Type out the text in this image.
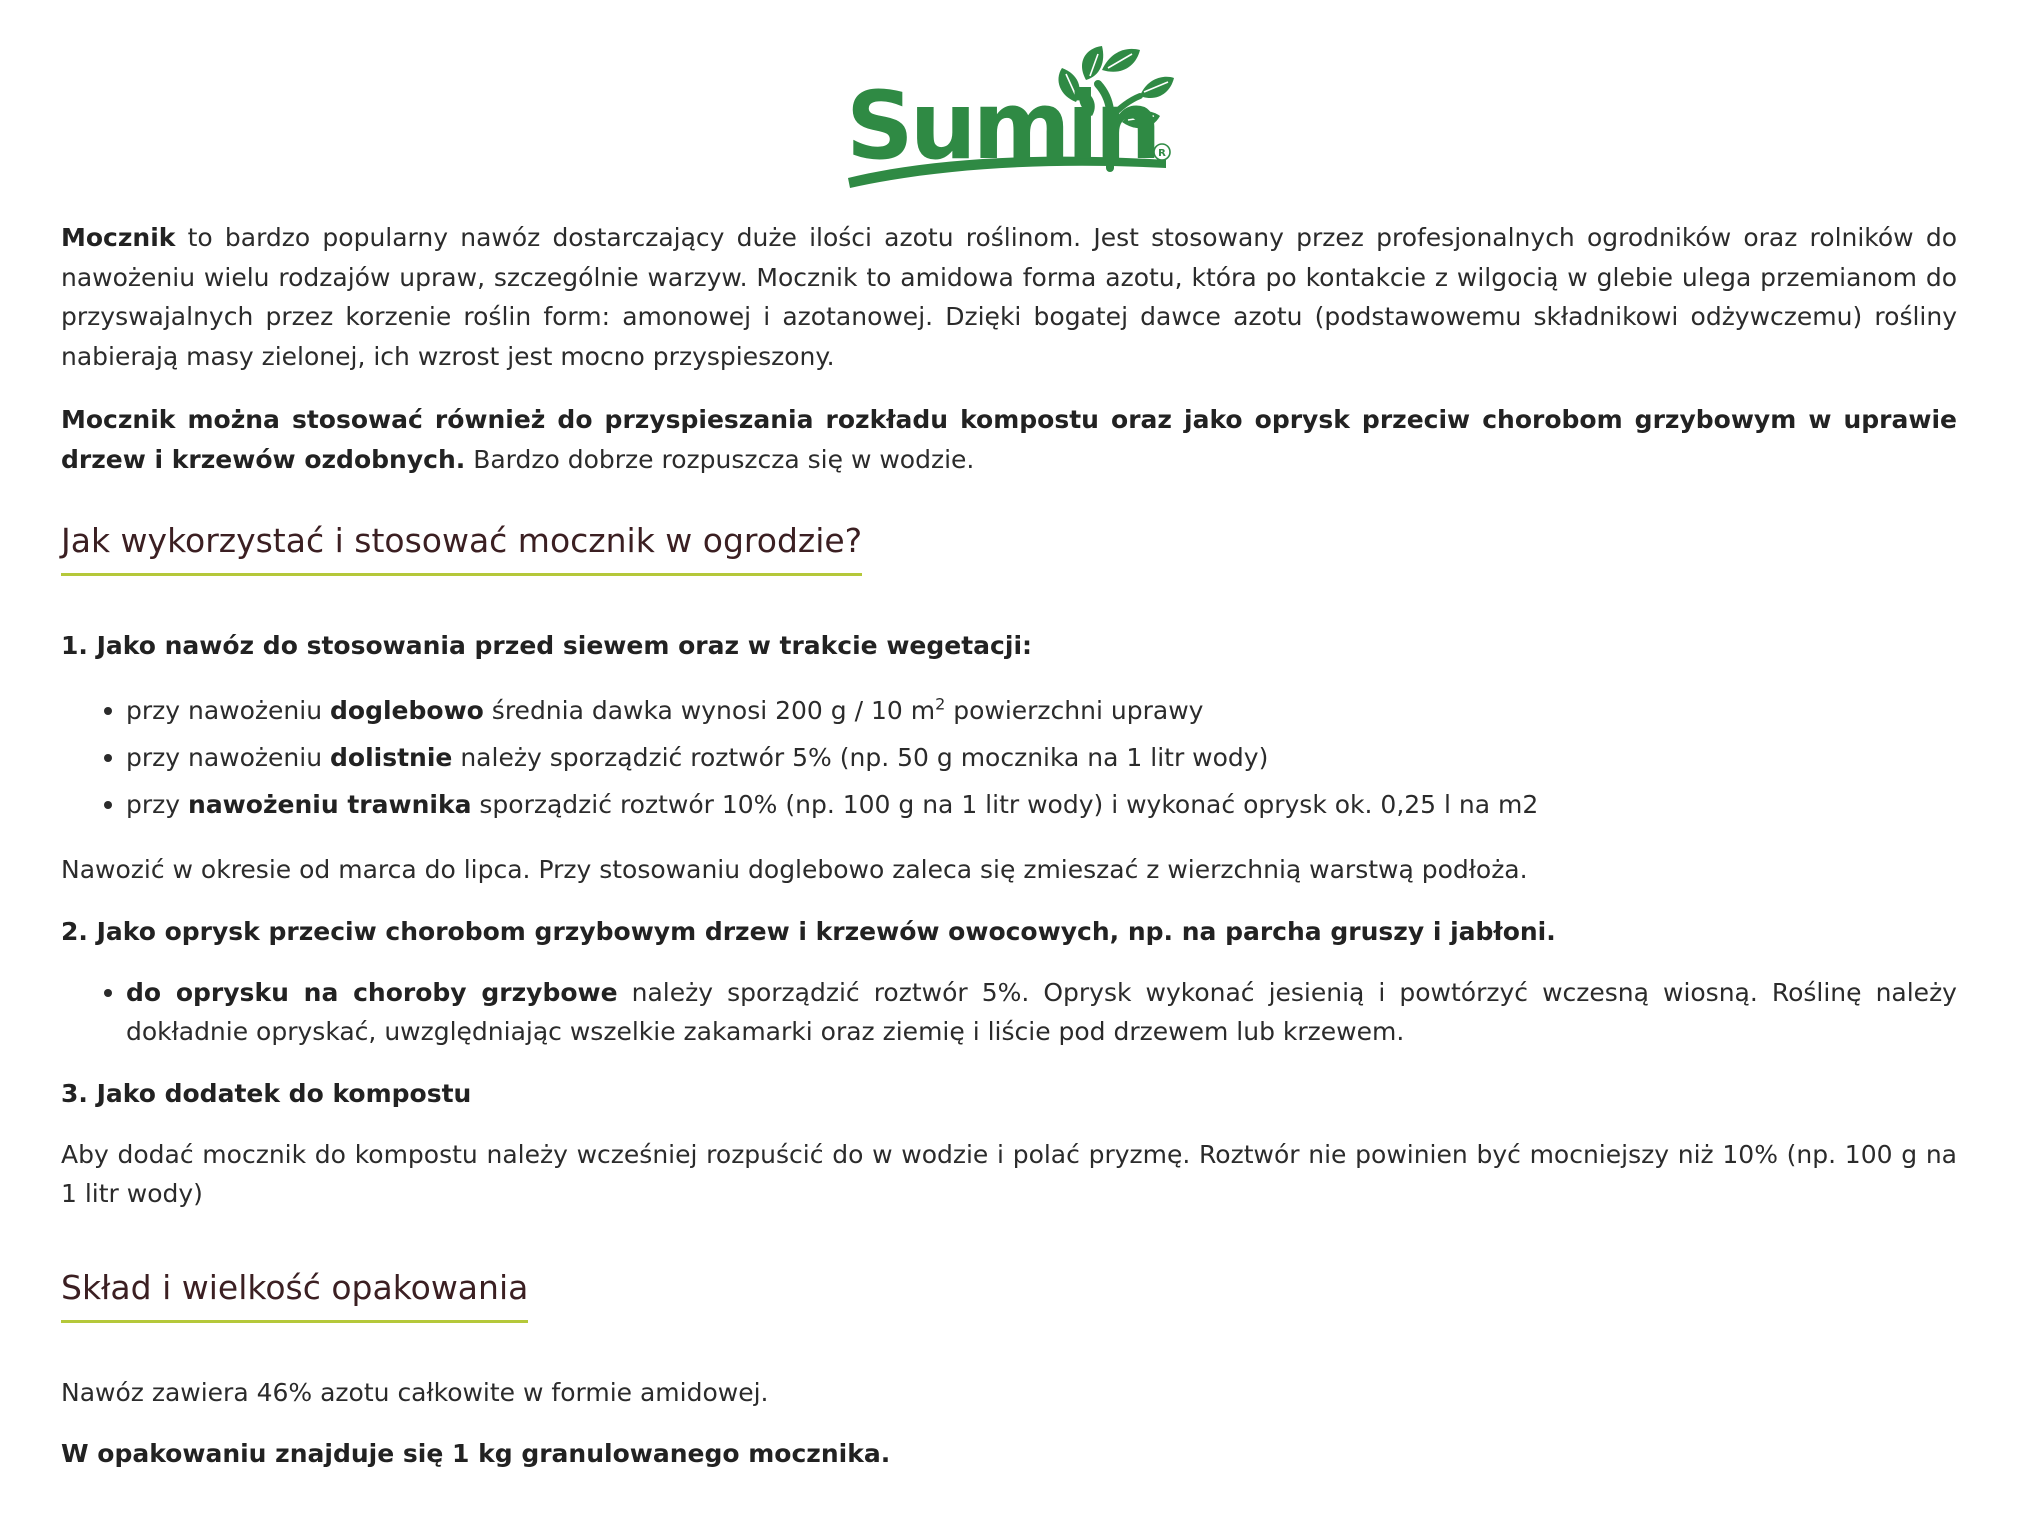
Sumin R

Mocznik to bardzo popularny nawóz dostarczający duże ilości azotu roślinom. Jest stosowany przez profesjonalnych ogrodników oraz rolników do nawożeniu wielu rodzajów upraw, szczególnie warzyw. Mocznik to amidowa forma azotu, która po kontakcie z wilgocią w glebie ulega przemianom do przyswajalnych przez korzenie roślin form: amonowej i azotanowej. Dzięki bogatej dawce azotu (podstawowemu składnikowi odżywczemu) rośliny nabierają masy zielonej, ich wzrost jest mocno przyspieszony.

Mocznik można stosować również do przyspieszania rozkładu kompostu oraz jako oprysk przeciw chorobom grzybowym w uprawie drzew i krzewów ozdobnych. Bardzo dobrze rozpuszcza się w wodzie.

Jak wykorzystać i stosować mocznik w ogrodzie?

1. Jako nawóz do stosowania przed siewem oraz w trakcie wegetacji:

przy nawożeniu doglebowo średnia dawka wynosi 200 g / 10 $m^2$ powierzchni uprawy
przy nawożeniu dolistnie należy sporządzić roztwór 5% (np. 50 g mocznika na 1 litr wody)
przy nawożeniu trawnika sporządzić roztwór 10% (np. 100 g na 1 litr wody) i wykonać oprysk ok. 0,25 l na m2

Nawozić w okresie od marca do lipca. Przy stosowaniu doglebowo zaleca się zmieszać z wierzchnią warstwą podłoża.

2. Jako oprysk przeciw chorobom grzybowym drzew i krzewów owocowych, np. na parcha gruszy i jabłoni.

do oprysku na choroby grzybowe należy sporządzić roztwór 5%. Oprysk wykonać jesienią i powtórzyć wczesną wiosną. Roślinę należy dokładnie opryskać, uwzględniając wszelkie zakamarki oraz ziemię i liście pod drzewem lub krzewem.

3. Jako dodatek do kompostu

Aby dodać mocznik do kompostu należy wcześniej rozpuścić do w wodzie i polać pryzmę. Roztwór nie powinien być mocniejszy niż 10% (np. 100 g na 1 litr wody)

Skład i wielkość opakowania

Nawóz zawiera 46% azotu całkowite w formie amidowej.

W opakowaniu znajduje się 1 kg granulowanego mocznika.
